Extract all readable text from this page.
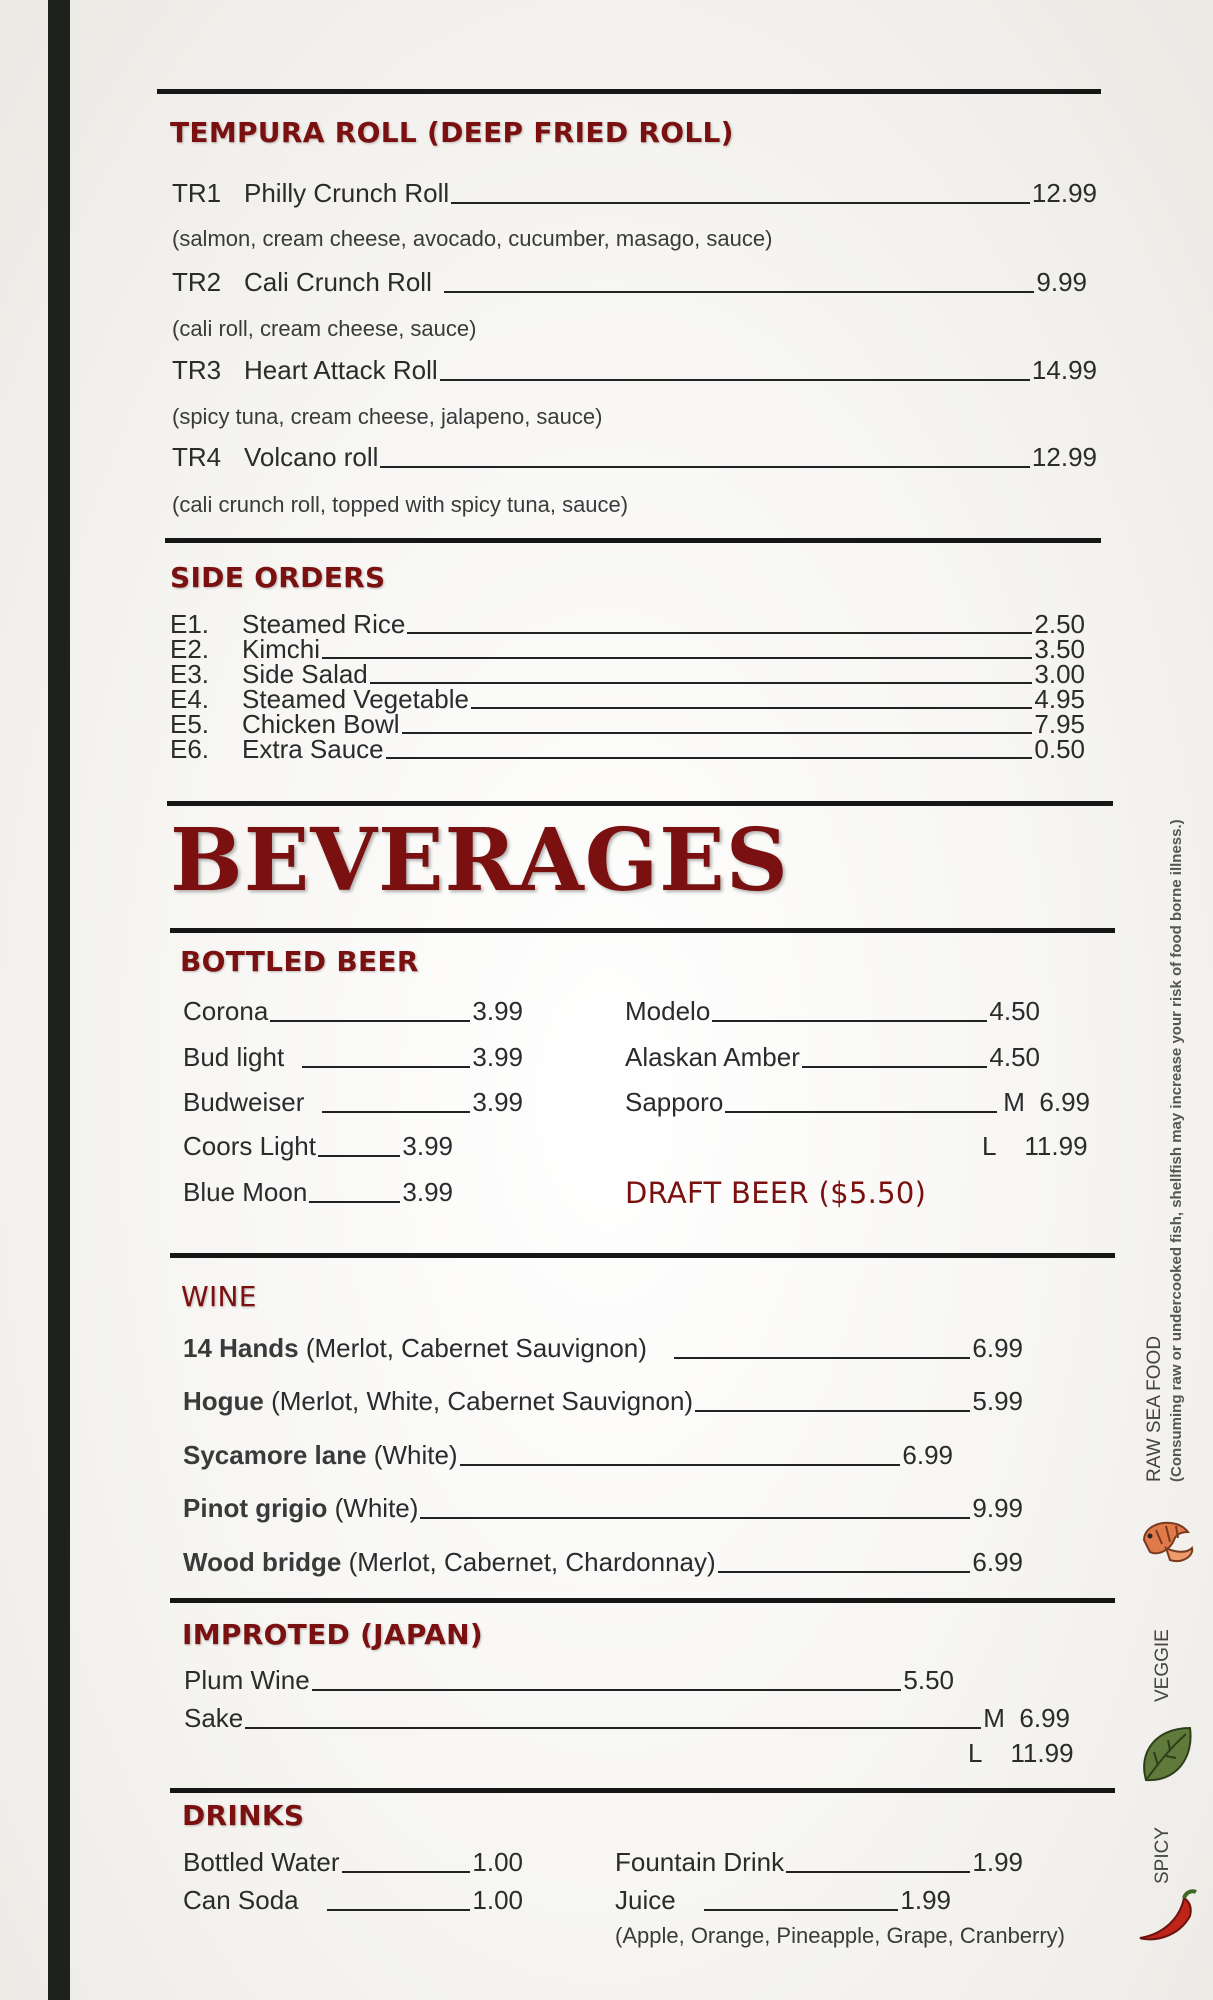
TEMPURA ROLL (DEEP FRIED ROLL)
TR1 Philly Crunch Roll	12.99
(salmon, cream cheese, avocado, cucumber, masago, sauce)
TR2 Cali Crunch Roll	9.99
(cali roll, cream cheese, sauce)
TR3 Heart Attack Roll	14.99
(spicy tuna, cream cheese, jalapeno, sauce)
TR4 Volcano roll	12.99
(cali crunch roll, topped with spicy tuna, sauce)
SIDE ORDERS
E1.	Steamed Rice	2.50
E2.	Kimchi	3.50
E3.	Side Salad	3.00
E4.	Steamed Vegetable	4.95
E5.	Chicken Bowl	7.95
E6.	Extra Sauce	0.50
BEVERAGES
BOTTLED BEER
Corona	3.99
Bud light	3.99
Budweiser	3.99
Coors Light	3.99
Blue Moon	3.99
Modelo	4.50
Alaskan Amber	4.50
Sapporo	M  6.99
L    11.99
DRAFT BEER ($5.50)
WINE
14 Hands (Merlot, Cabernet Sauvignon)	6.99
Hogue (Merlot, White, Cabernet Sauvignon)	5.99
Sycamore lane (White)	6.99
Pinot grigio (White)	9.99
Wood bridge (Merlot, Cabernet, Chardonnay)	6.99
IMPROTED (JAPAN)
Plum Wine	5.50
Sake	M  6.99
L    11.99
DRINKS
Bottled Water	1.00
Can Soda	1.00
Fountain Drink	1.99
Juice	1.99
(Apple, Orange, Pineapple, Grape, Cranberry)
RAW SEA FOOD (Consuming raw or undercooked fish, shellfish may increase your risk of food borne illness.)
VEGGIE
SPICY
